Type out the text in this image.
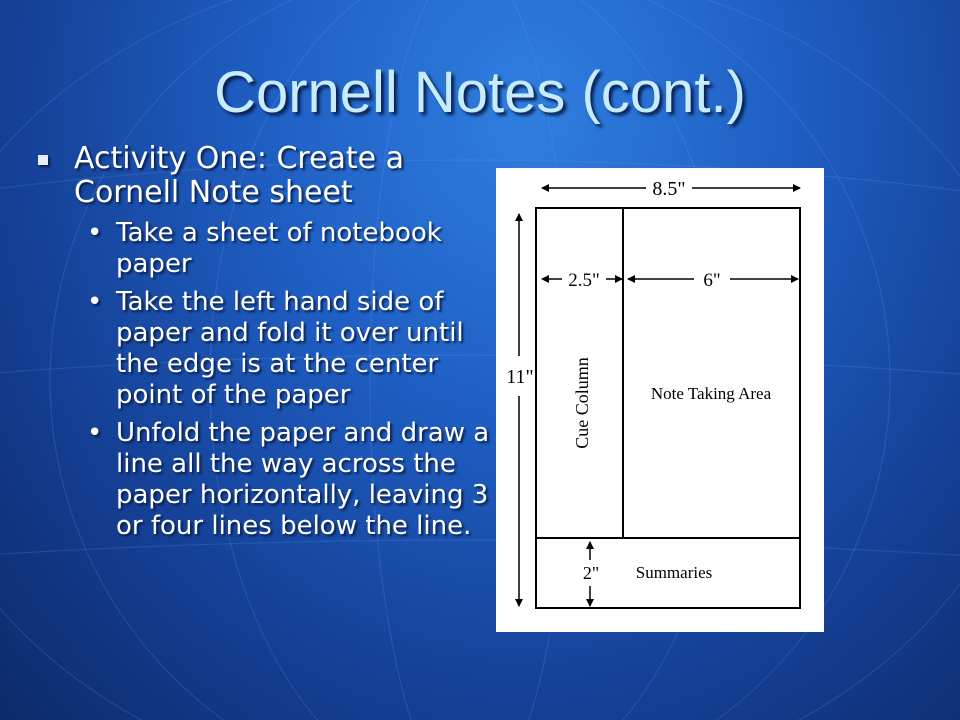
Cornell Notes (cont.)
Activity One: Create a Cornell Note sheet
• Take a sheet of notebook paper
• Take the left hand side of paper and fold it over until the edge is at the center point of the paper
• Unfold the paper and draw a line all the way across the paper horizontally, leaving 3 or four lines below the line.
8.5"
2.5"	6"
11"
2"
Cue Column	Note Taking Area
Summaries
